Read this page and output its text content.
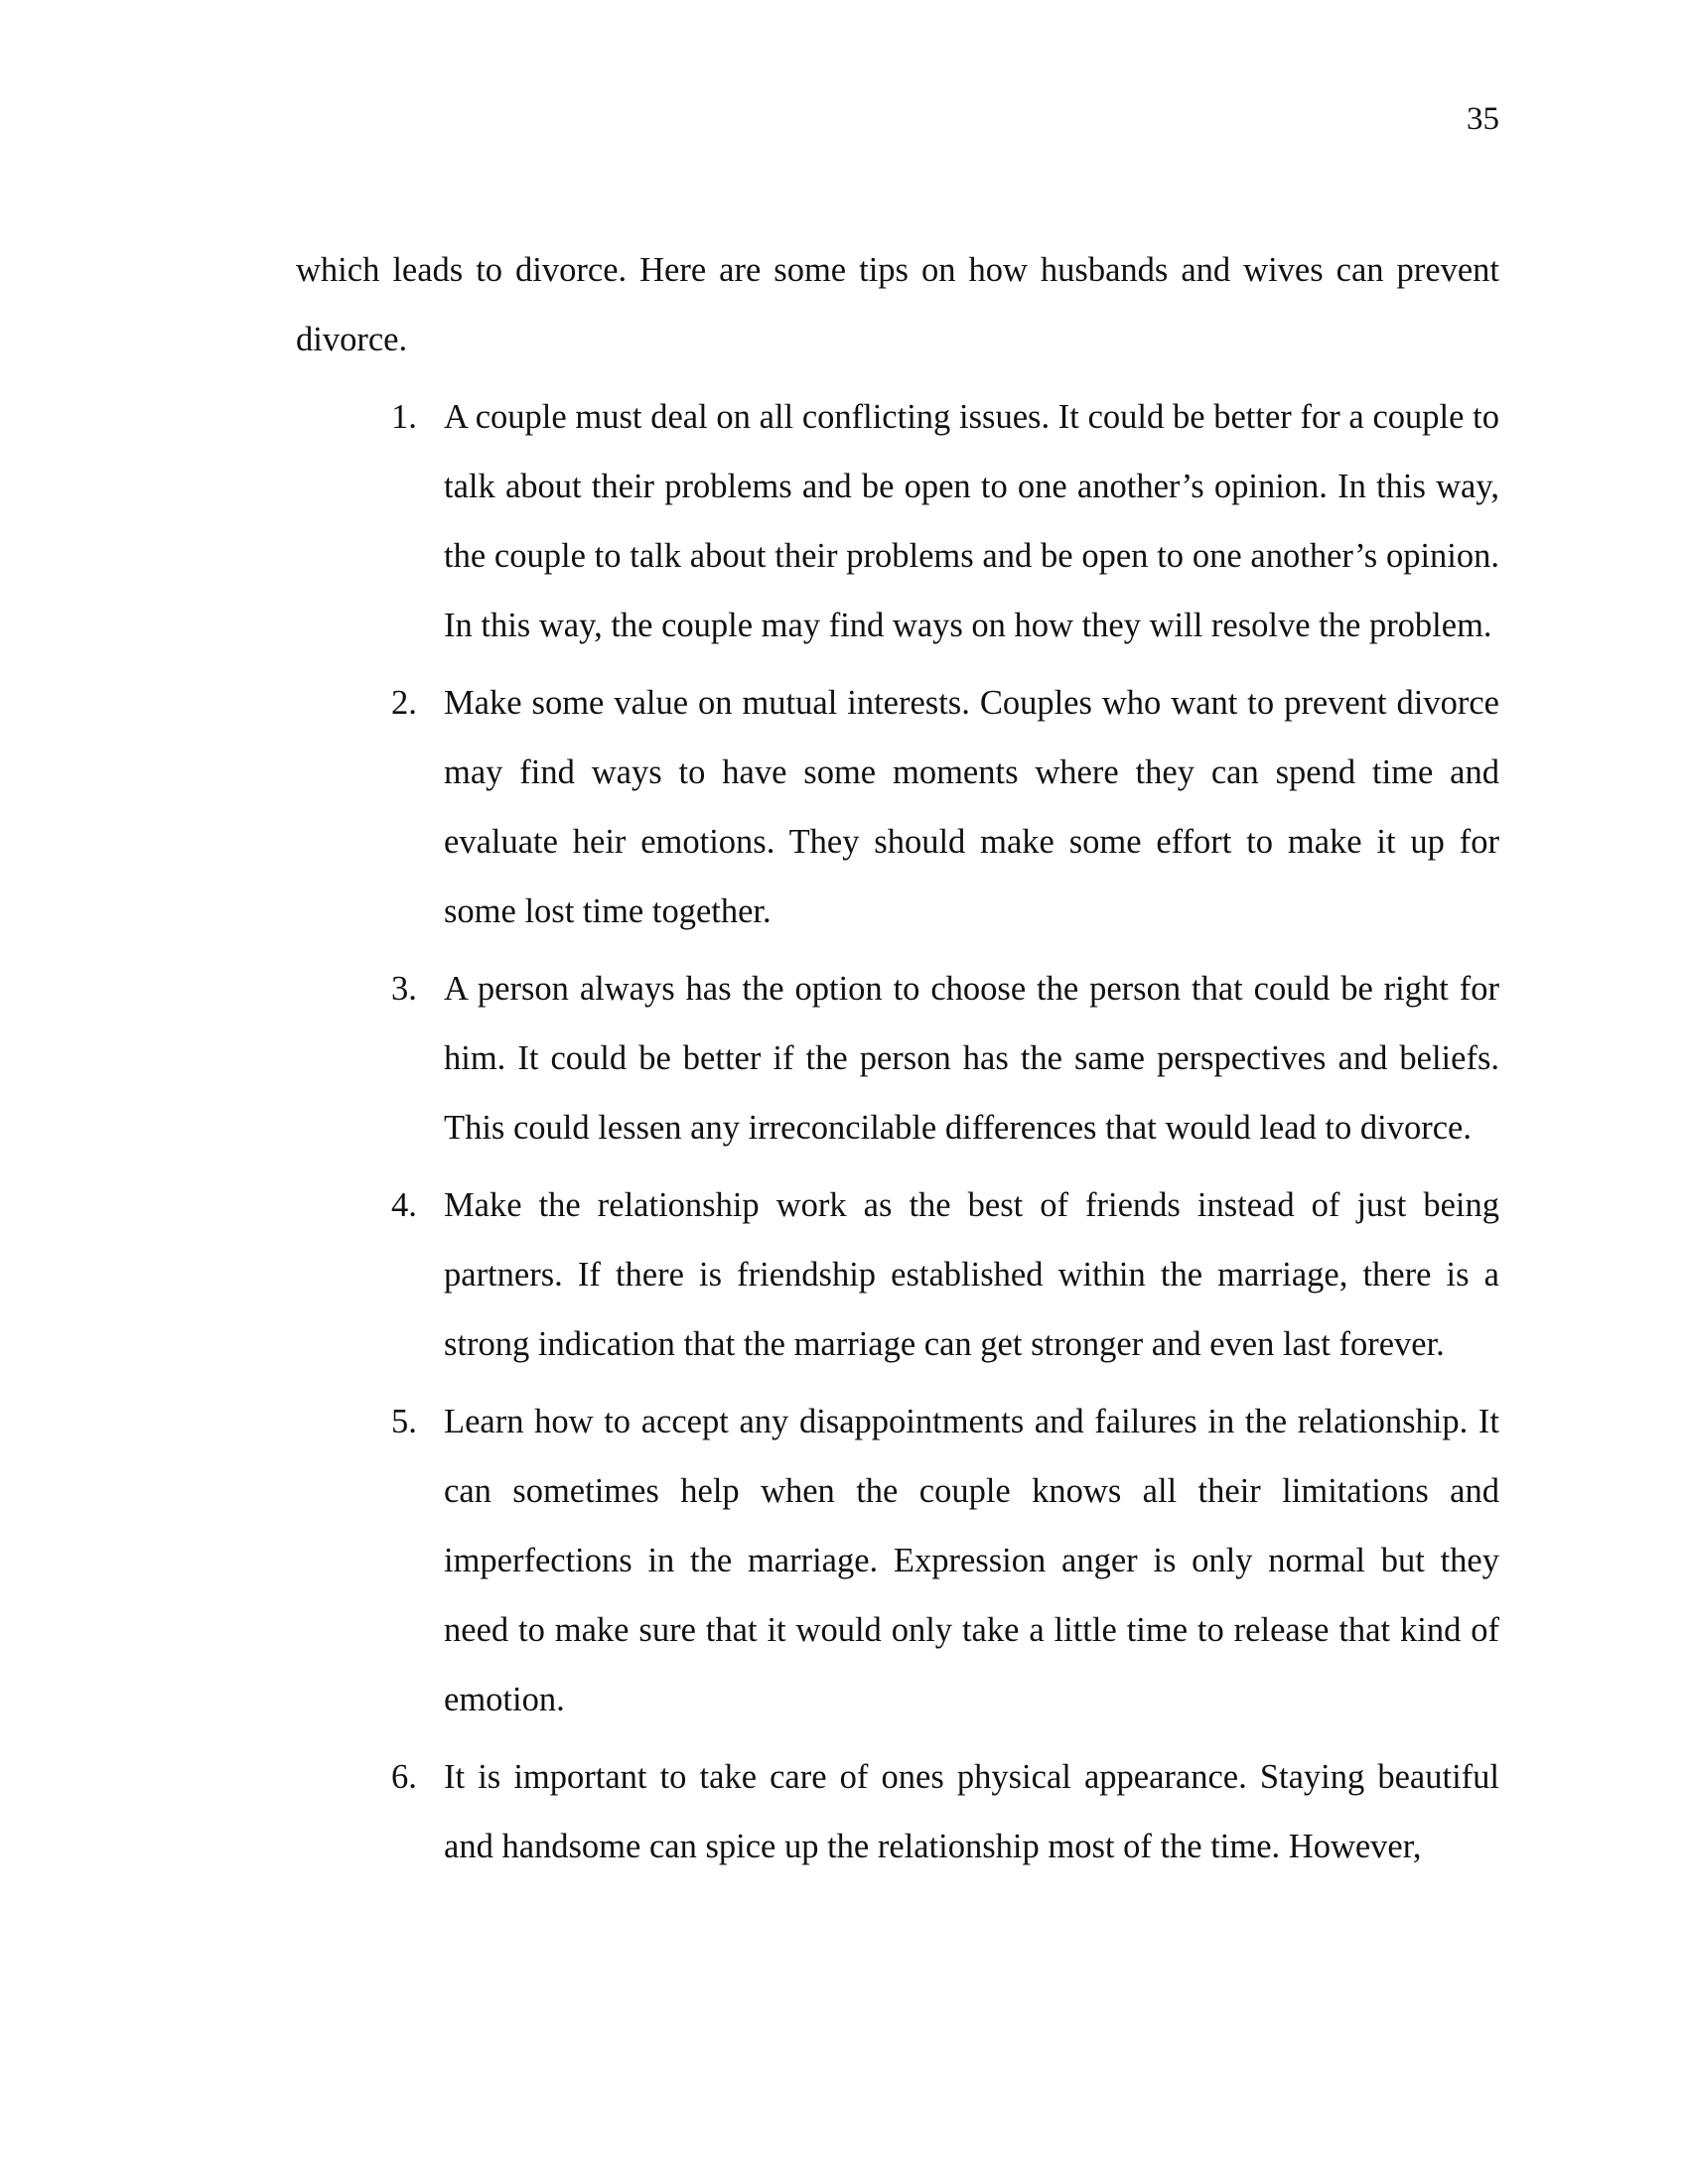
35

which leads to divorce. Here are some tips on how husbands and wives can prevent divorce.

1. A couple must deal on all conflicting issues. It could be better for a couple to talk about their problems and be open to one another’s opinion. In this way, the couple to talk about their problems and be open to one another’s opinion. In this way, the couple may find ways on how they will resolve the problem.
2. Make some value on mutual interests. Couples who want to prevent divorce may find ways to have some moments where they can spend time and evaluate heir emotions. They should make some effort to make it up for some lost time together.
3. A person always has the option to choose the person that could be right for him. It could be better if the person has the same perspectives and beliefs. This could lessen any irreconcilable differences that would lead to divorce.
4. Make the relationship work as the best of friends instead of just being partners. If there is friendship established within the marriage, there is a strong indication that the marriage can get stronger and even last forever.
5. Learn how to accept any disappointments and failures in the relationship. It can sometimes help when the couple knows all their limitations and imperfections in the marriage. Expression anger is only normal but they need to make sure that it would only take a little time to release that kind of emotion.
6. It is important to take care of ones physical appearance. Staying beautiful and handsome can spice up the relationship most of the time. However,
